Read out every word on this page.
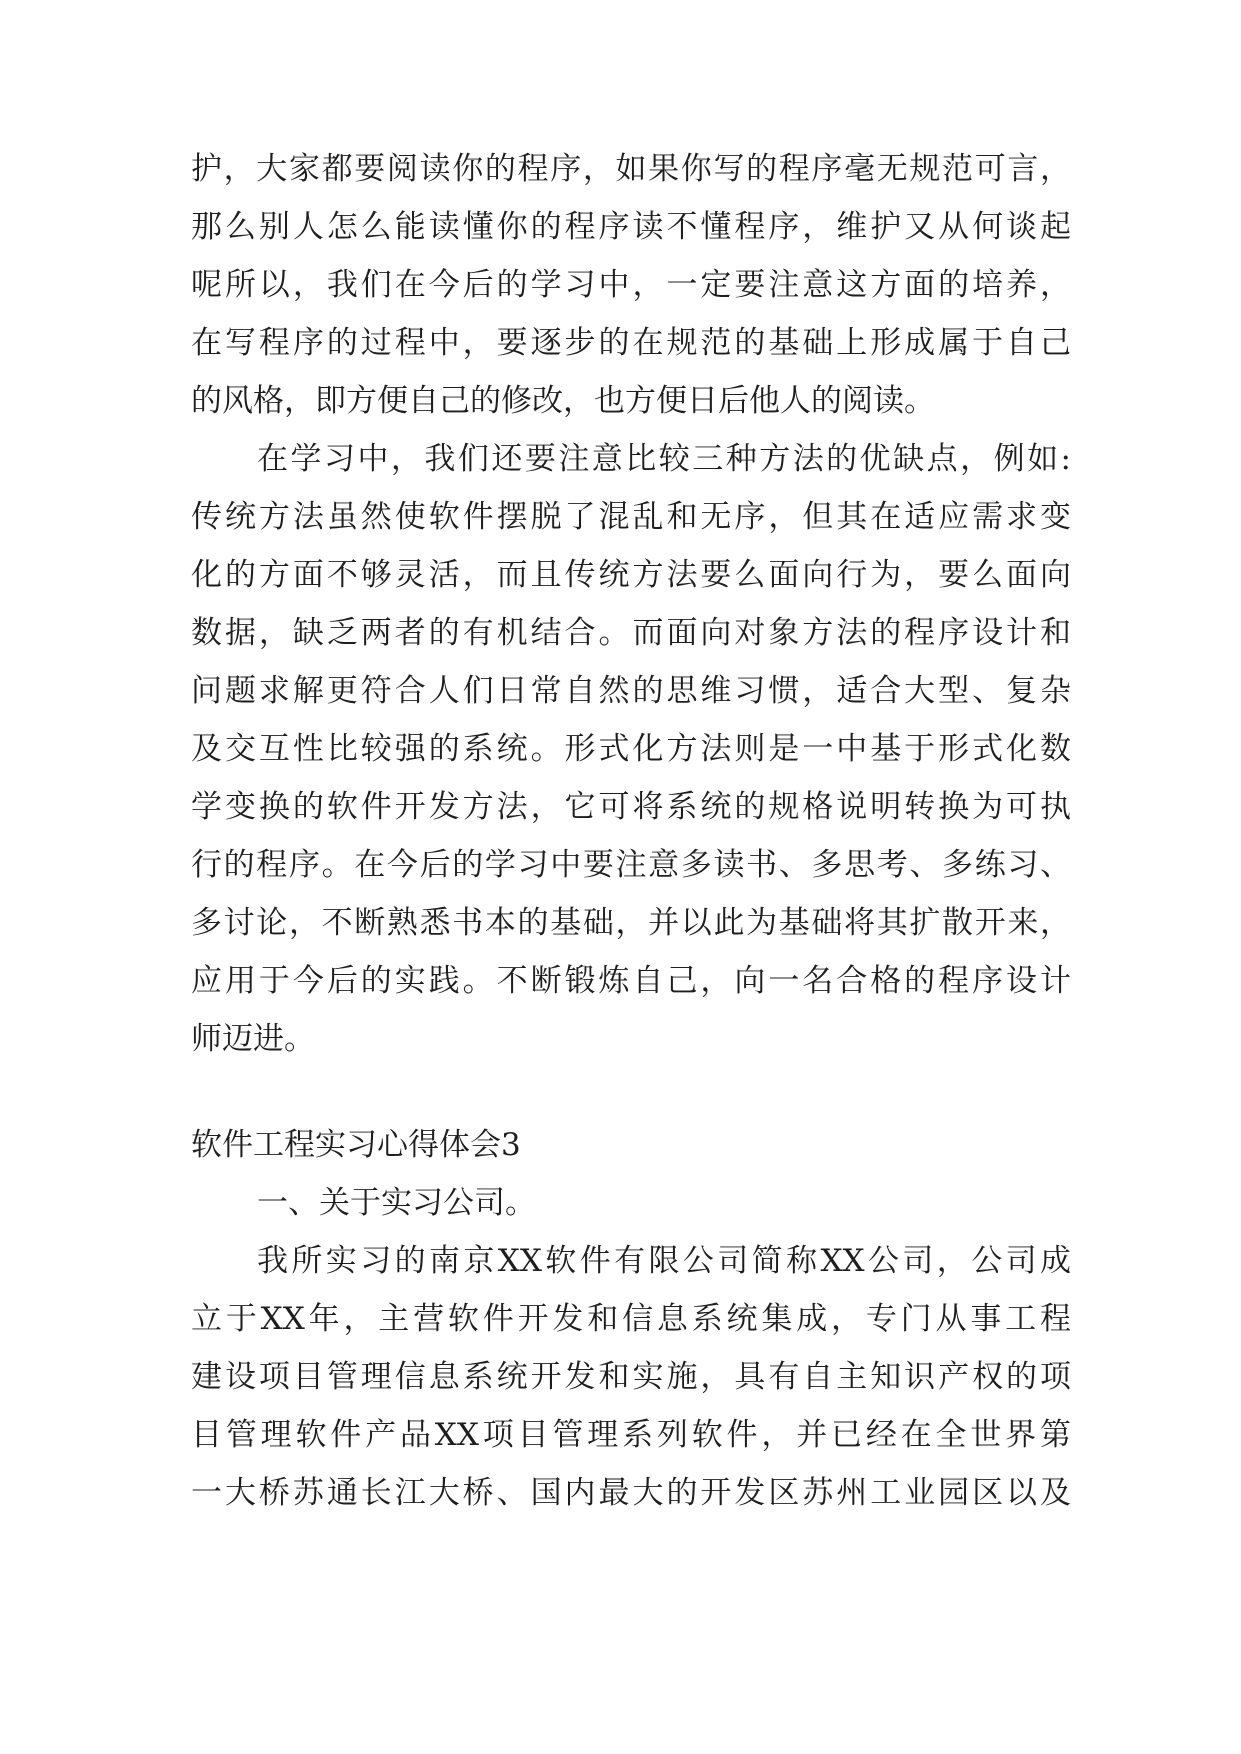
护，大家都要阅读你的程序，如果你写的程序毫无规范可言，

那么别人怎么能读懂你的程序读不懂程序，维护又从何谈起

呢所以，我们在今后的学习中，一定要注意这方面的培养，

在写程序的过程中，要逐步的在规范的基础上形成属于自己

的风格，即方便自己的修改，也方便日后他人的阅读。

在学习中，我们还要注意比较三种方法的优缺点，例如:

传统方法虽然使软件摆脱了混乱和无序，但其在适应需求变

化的方面不够灵活，而且传统方法要么面向行为，要么面向

数据，缺乏两者的有机结合。而面向对象方法的程序设计和

问题求解更符合人们日常自然的思维习惯，适合大型、复杂

及交互性比较强的系统。形式化方法则是一中基于形式化数

学变换的软件开发方法，它可将系统的规格说明转换为可执

行的程序。在今后的学习中要注意多读书、多思考、多练习、

多讨论，不断熟悉书本的基础，并以此为基础将其扩散开来，

应用于今后的实践。不断锻炼自己，向一名合格的程序设计

师迈进。

软件工程实习心得体会3

一、关于实习公司。

我所实习的南京XX软件有限公司简称XX公司，公司成

立于XX年，主营软件开发和信息系统集成，专门从事工程

建设项目管理信息系统开发和实施，具有自主知识产权的项

目管理软件产品XX项目管理系列软件，并已经在全世界第

一大桥苏通长江大桥、国内最大的开发区苏州工业园区以及
